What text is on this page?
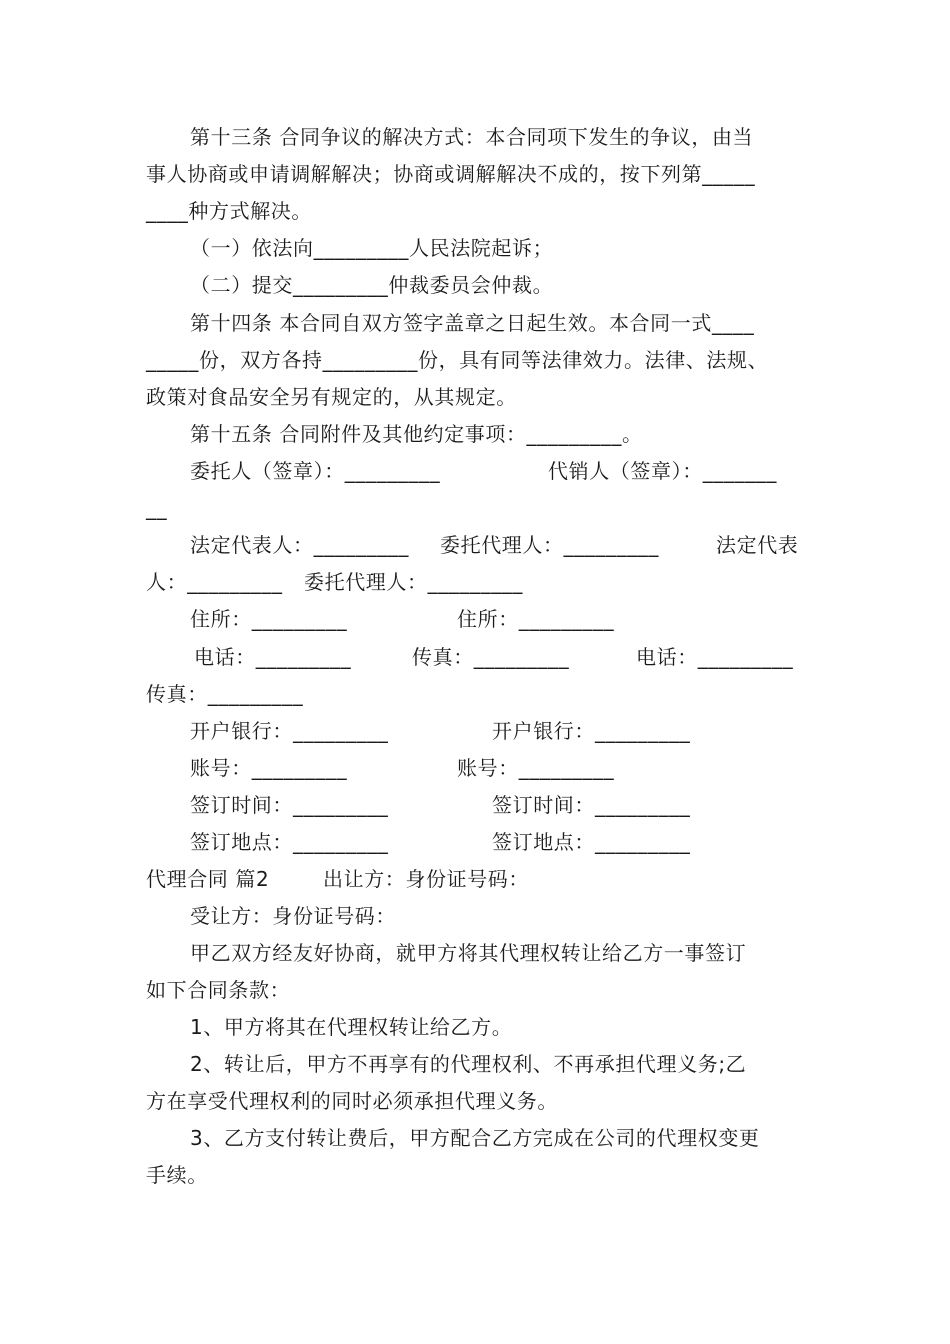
第十三条 合同争议的解决方式：本合同项下发生的争议，由当
事人协商或申请调解解决；协商或调解解决不成的，按下列第_____
____种方式解决。
（一）依法向_________人民法院起诉；
（二）提交_________仲裁委员会仲裁。
第十四条 本合同自双方签字盖章之日起生效。本合同一式____
_____份，双方各持_________份，具有同等法律效力。法律、法规、
政策对食品安全另有规定的，从其规定。
第十五条 合同附件及其他约定事项：_________。
委托人（签章）：_________	代销人（签章）：_______
__
法定代表人：_________ 委托代理人：_________	法定代表
人：_________ 委托代理人：_________
住所：_________	住所：_________
电话：_________	传真：_________	电话：_________
传真：_________
开户银行：_________	开户银行：_________
账号：_________	账号：_________
签订时间：_________	签订时间：_________
签订地点：_________	签订地点：_________
代理合同 篇2	出让方：身份证号码：
受让方：身份证号码：
甲乙双方经友好协商，就甲方将其代理权转让给乙方一事签订
如下合同条款：
1、甲方将其在代理权转让给乙方。
2、转让后，甲方不再享有的代理权利、不再承担代理义务;乙
方在享受代理权利的同时必须承担代理义务。
3、乙方支付转让费后，甲方配合乙方完成在公司的代理权变更
手续。
